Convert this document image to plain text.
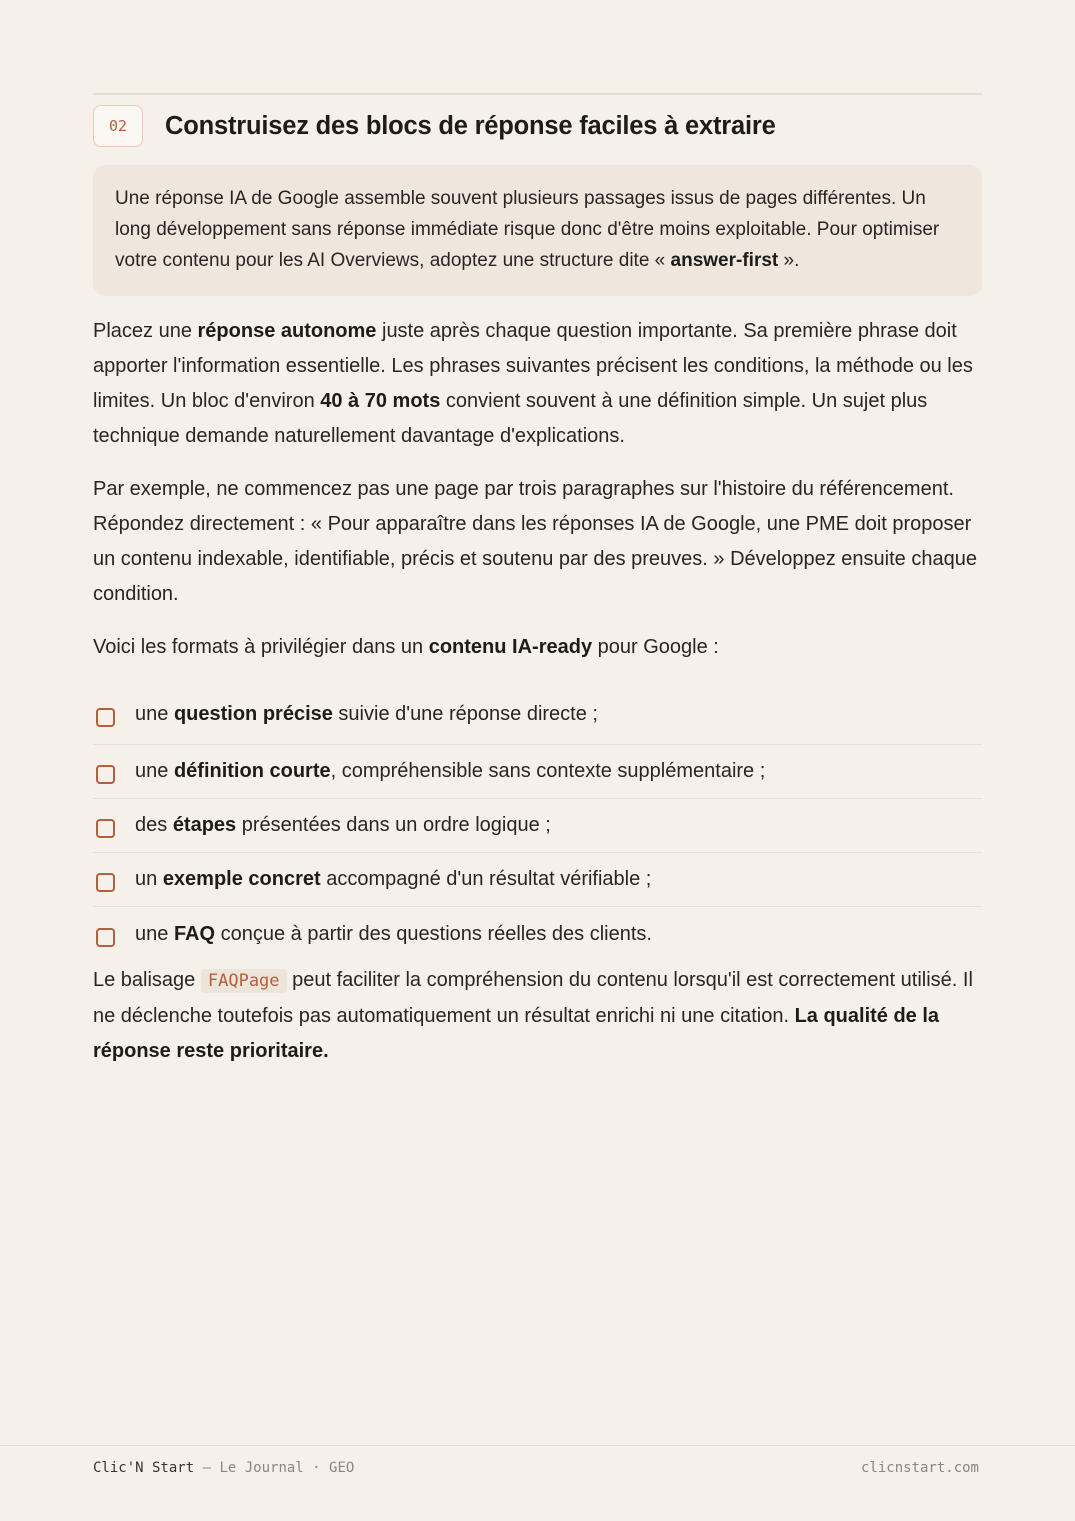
02	Construisez des blocs de réponse faciles à extraire
Une réponse IA de Google assemble souvent plusieurs passages issus de pages différentes. Un long développement sans réponse immédiate risque donc d'être moins exploitable. Pour optimiser votre contenu pour les AI Overviews, adoptez une structure dite « answer-first ».

Placez une réponse autonome juste après chaque question importante. Sa première phrase doit apporter l'information essentielle. Les phrases suivantes précisent les conditions, la méthode ou les limites. Un bloc d'environ 40 à 70 mots convient souvent à une définition simple. Un sujet plus technique demande naturellement davantage d'explications.

Par exemple, ne commencez pas une page par trois paragraphes sur l'histoire du référencement. Répondez directement : « Pour apparaître dans les réponses IA de Google, une PME doit proposer un contenu indexable, identifiable, précis et soutenu par des preuves. » Développez ensuite chaque condition.

Voici les formats à privilégier dans un contenu IA-ready pour Google :

une question précise suivie d'une réponse directe ;
une définition courte, compréhensible sans contexte supplémentaire ;
des étapes présentées dans un ordre logique ;
un exemple concret accompagné d'un résultat vérifiable ;
une FAQ conçue à partir des questions réelles des clients.

Le balisage FAQPage peut faciliter la compréhension du contenu lorsqu'il est correctement utilisé. Il ne déclenche toutefois pas automatiquement un résultat enrichi ni une citation. La qualité de la réponse reste prioritaire.

Clic'N Start — Le Journal · GEO	clicnstart.com
